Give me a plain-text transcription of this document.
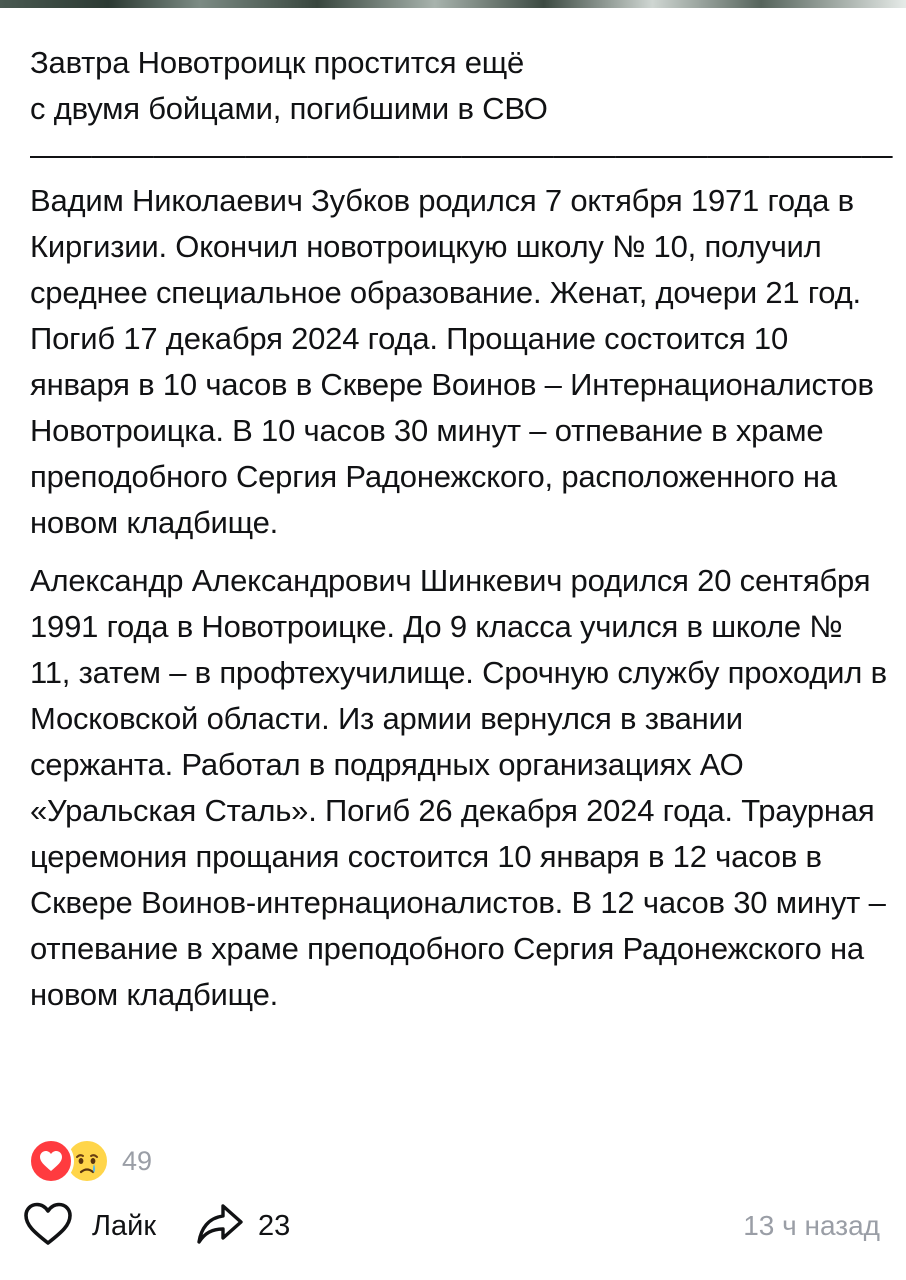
Завтра Новотроицк простится ещё

с двумя бойцами, погибшими в СВО

————————————————————————————

Вадим Николаевич Зубков родился 7 октября 1971 года в Киргизии. Окончил новотроицкую школу № 10, получил среднее специальное образование. Женат, дочери 21 год. Погиб 17 декабря 2024 года. Прощание состоится 10 января в 10 часов в Сквере Воинов – Интернационалистов Новотроицка. В 10 часов 30 минут – отпевание в храме преподобного Сергия Радонежского, расположенного на новом кладбище.

Александр Александрович Шинкевич родился 20 сентября 1991 года в Новотроицке. До 9 класса учился в школе № 11, затем – в профтехучилище. Срочную службу проходил в Московской области. Из армии вернулся в звании сержанта. Работал в подрядных организациях АО «Уральская Сталь». Погиб 26 декабря 2024 года. Траурная церемония прощания состоится 10 января в 12 часов в Сквере Воинов-интернационалистов. В 12 часов 30 минут – отпевание в храме преподобного Сергия Радонежского на новом кладбище.

49
Лайк	23	13 ч назад
